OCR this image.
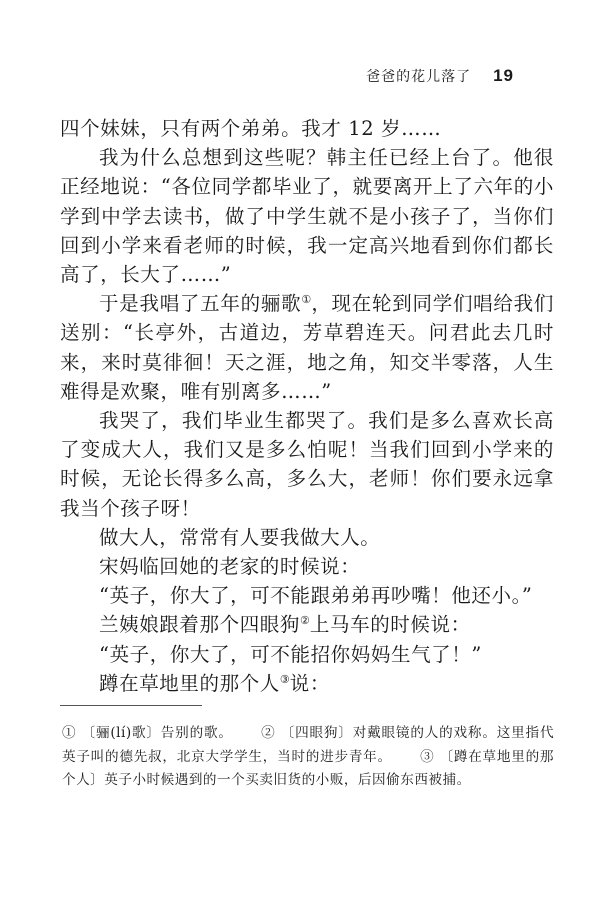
爸爸的花儿落了 19

四个妹妹，只有两个弟弟。我才 12 岁……

我为什么总想到这些呢？韩主任已经上台了。他很正经地说：“各位同学都毕业了，就要离开上了六年的小学到中学去读书，做了中学生就不是小孩子了，当你们回到小学来看老师的时候，我一定高兴地看到你们都长高了，长大了……”

于是我唱了五年的骊歌①，现在轮到同学们唱给我们送别：“长亭外，古道边，芳草碧连天。问君此去几时来，来时莫徘徊！天之涯，地之角，知交半零落，人生难得是欢聚，唯有别离多……”

我哭了，我们毕业生都哭了。我们是多么喜欢长高了变成大人，我们又是多么怕呢！当我们回到小学来的时候，无论长得多么高，多么大，老师！你们要永远拿我当个孩子呀！

做大人，常常有人要我做大人。

宋妈临回她的老家的时候说：

“英子，你大了，可不能跟弟弟再吵嘴！他还小。”

兰姨娘跟着那个四眼狗②上马车的时候说：

“英子，你大了，可不能招你妈妈生气了！”

蹲在草地里的那个人③说：

① 〔骊(lí)歌〕告别的歌。 ② 〔四眼狗〕对戴眼镜的人的戏称。这里指代英子叫的德先叔，北京大学学生，当时的进步青年。 ③ 〔蹲在草地里的那个人〕英子小时候遇到的一个买卖旧货的小贩，后因偷东西被捕。
